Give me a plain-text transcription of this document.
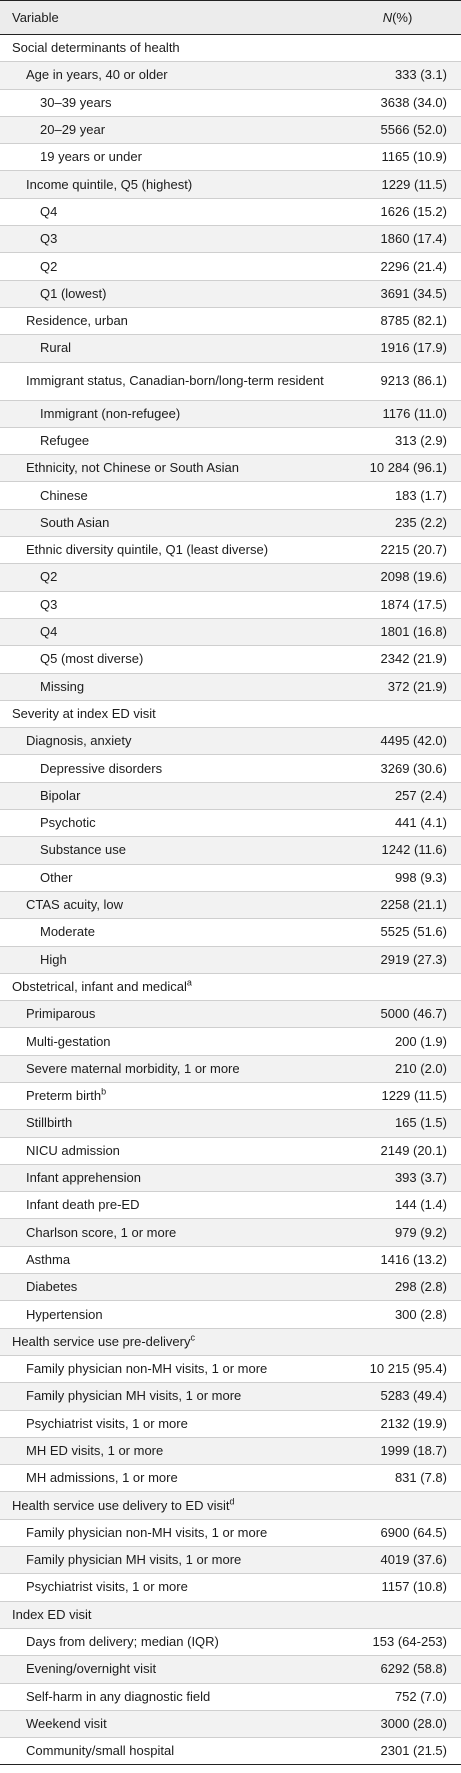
Variable	N(%)
Social determinants of health	
Age in years, 40 or older	333 (3.1)
30–39 years	3638 (34.0)
20–29 year	5566 (52.0)
19 years or under	1165 (10.9)
Income quintile, Q5 (highest)	1229 (11.5)
Q4	1626 (15.2)
Q3	1860 (17.4)
Q2	2296 (21.4)
Q1 (lowest)	3691 (34.5)
Residence, urban	8785 (82.1)
Rural	1916 (17.9)
Immigrant status, Canadian-born/long-term resident	9213 (86.1)
Immigrant (non-refugee)	1176 (11.0)
Refugee	313 (2.9)
Ethnicity, not Chinese or South Asian	10 284 (96.1)
Chinese	183 (1.7)
South Asian	235 (2.2)
Ethnic diversity quintile, Q1 (least diverse)	2215 (20.7)
Q2	2098 (19.6)
Q3	1874 (17.5)
Q4	1801 (16.8)
Q5 (most diverse)	2342 (21.9)
Missing	372 (21.9)
Severity at index ED visit	
Diagnosis, anxiety	4495 (42.0)
Depressive disorders	3269 (30.6)
Bipolar	257 (2.4)
Psychotic	441 (4.1)
Substance use	1242 (11.6)
Other	998 (9.3)
CTAS acuity, low	2258 (21.1)
Moderate	5525 (51.6)
High	2919 (27.3)
Obstetrical, infant and medical$^a$	
Primiparous	5000 (46.7)
Multi-gestation	200 (1.9)
Severe maternal morbidity, 1 or more	210 (2.0)
Preterm birth$^b$	1229 (11.5)
Stillbirth	165 (1.5)
NICU admission	2149 (20.1)
Infant apprehension	393 (3.7)
Infant death pre-ED	144 (1.4)
Charlson score, 1 or more	979 (9.2)
Asthma	1416 (13.2)
Diabetes	298 (2.8)
Hypertension	300 (2.8)
Health service use pre-delivery$^c$	
Family physician non-MH visits, 1 or more	10 215 (95.4)
Family physician MH visits, 1 or more	5283 (49.4)
Psychiatrist visits, 1 or more	2132 (19.9)
MH ED visits, 1 or more	1999 (18.7)
MH admissions, 1 or more	831 (7.8)
Health service use delivery to ED visit$^d$	
Family physician non-MH visits, 1 or more	6900 (64.5)
Family physician MH visits, 1 or more	4019 (37.6)
Psychiatrist visits, 1 or more	1157 (10.8)
Index ED visit	
Days from delivery; median (IQR)	153 (64-253)
Evening/overnight visit	6292 (58.8)
Self-harm in any diagnostic field	752 (7.0)
Weekend visit	3000 (28.0)
Community/small hospital	2301 (21.5)
